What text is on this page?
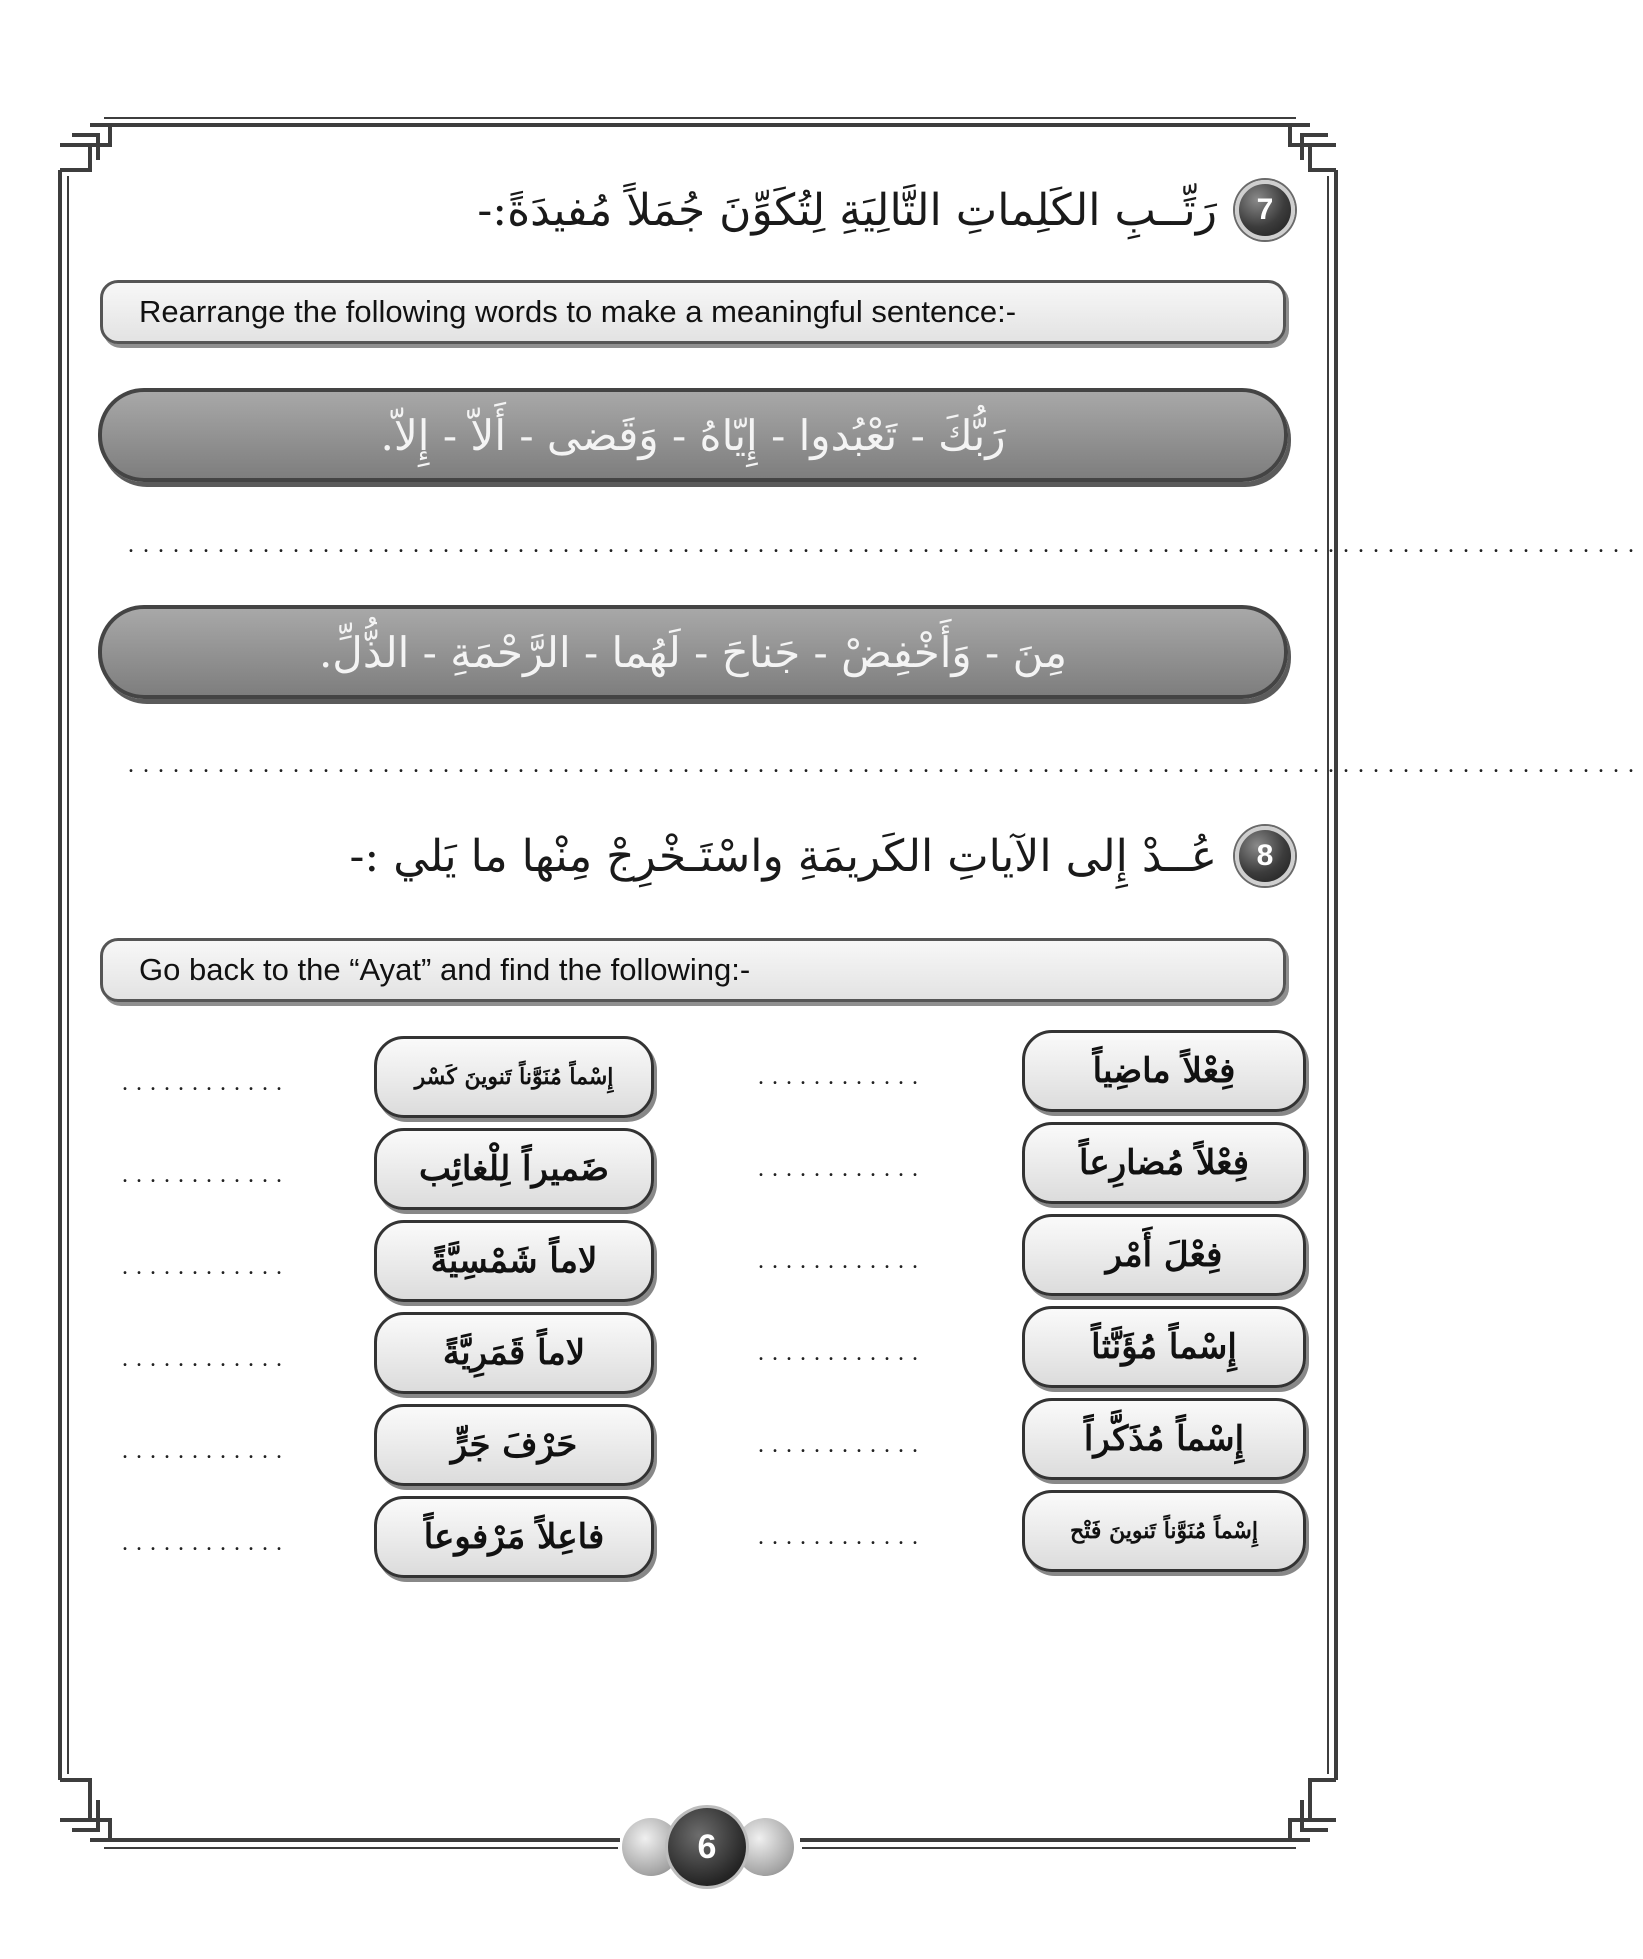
7
رَتِّــبِ الكَلِماتِ التَّالِيَةِ لِتُكَوِّنَ جُمَلاً مُفيدَةً:-
Rearrange the following words to make a meaningful sentence:-
رَبُّكَ - تَعْبُدوا - إِيّاهُ - وَقَضى - أَلاّ - إِلاّ.
.....................................................................................................
مِنَ - وَأَخْفِضْ - جَناحَ - لَهُما - الرَّحْمَةِ - الذُّلِّ.
.....................................................................................................
8
عُــدْ إِلى الآياتِ الكَريمَةِ واسْتَـخْرِجْ مِنْها ما يَلي :-
Go back to the “Ayat” and find the following:-
فِعْلاً ماضِياً
فِعْلاً مُضارِعاً
فِعْلَ أَمْر
إِسْماً مُؤَنَّثاً
إِسْماً مُذَكَّراً
إِسْماً مُنَوَّناً تَنوينَ فَتْح
............
............
............
............
............
............
إِسْماً مُنَوَّناً تَنوينَ كَسْر
ضَميراً لِلْغائِب
لاماً شَمْسِيَّةً
لاماً قَمَرِيَّةً
حَرْفَ جَرٍّ
فاعِلاً مَرْفوعاً
............
............
............
............
............
............
6
